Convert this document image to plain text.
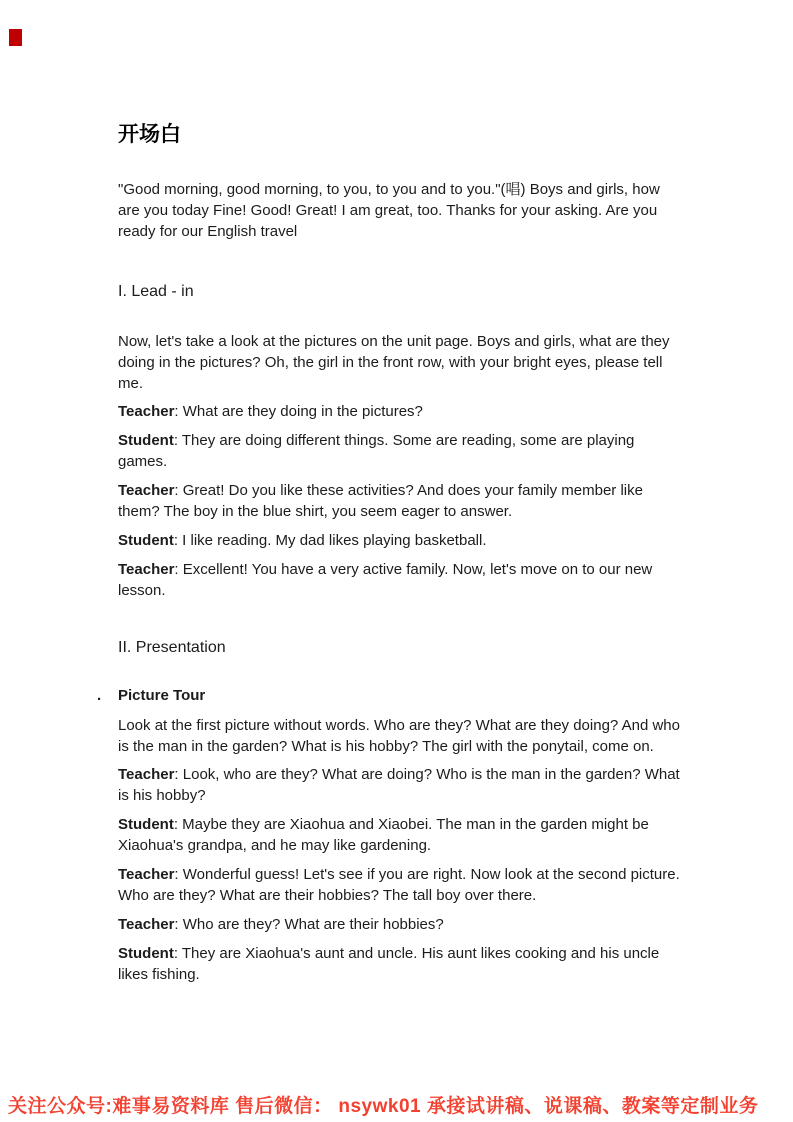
开场白

"Good morning, good morning, to you, to you and to you."(唱) Boys and girls, how are you today Fine! Good! Great! I am great, too. Thanks for your asking. Are you ready for our English travel

I. Lead - in

Now, let's take a look at the pictures on the unit page. Boys and girls, what are they doing in the pictures? Oh, the girl in the front row, with your bright eyes, please tell me.

Teacher: What are they doing in the pictures?

Student: They are doing different things. Some are reading, some are playing games.

Teacher: Great! Do you like these activities? And does your family member like them? The boy in the blue shirt, you seem eager to answer.

Student: I like reading. My dad likes playing basketball.

Teacher: Excellent! You have a very active family. Now, let's move on to our new lesson.

II. Presentation
. Picture Tour

Look at the first picture without words. Who are they? What are they doing? And who is the man in the garden? What is his hobby? The girl with the ponytail, come on.

Teacher: Look, who are they? What are doing? Who is the man in the garden? What is his hobby?

Student: Maybe they are Xiaohua and Xiaobei. The man in the garden might be Xiaohua's grandpa, and he may like gardening.

Teacher: Wonderful guess! Let's see if you are right. Now look at the second picture. Who are they? What are their hobbies? The tall boy over there.

Teacher: Who are they? What are their hobbies?

Student: They are Xiaohua's aunt and uncle. His aunt likes cooking and his uncle likes fishing.

关注公众号:难事易资料库 售后微信： nsywk01 承接试讲稿、说课稿、教案等定制业务
